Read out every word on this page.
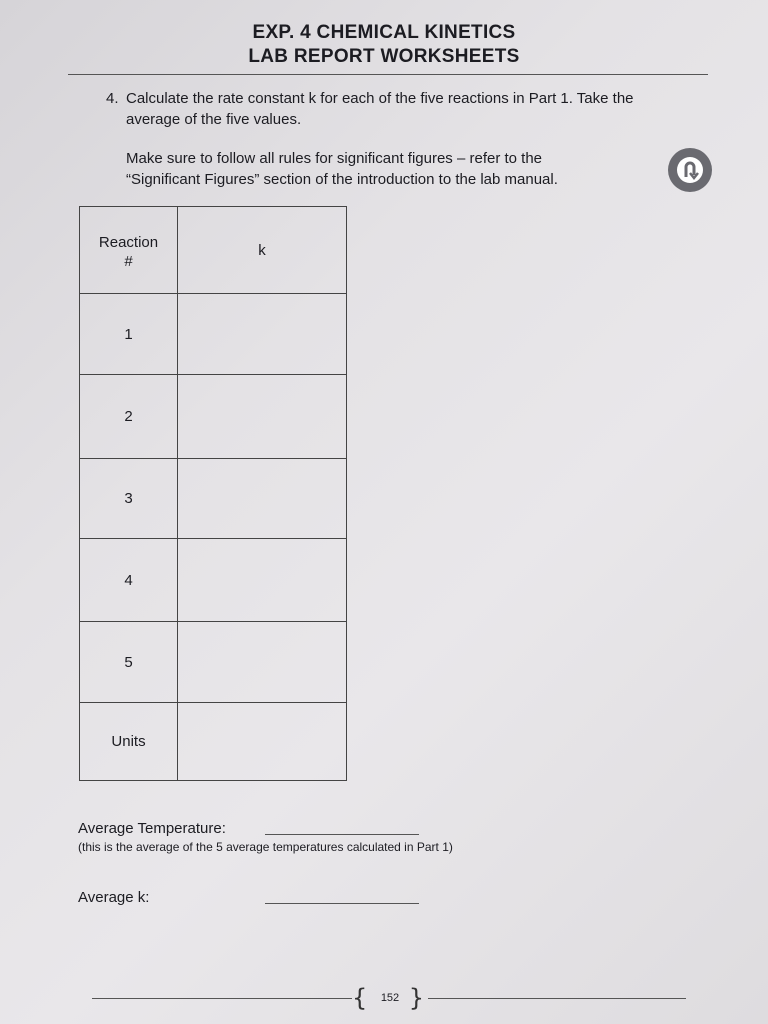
EXP. 4 CHEMICAL KINETICS
LAB REPORT WORKSHEETS
4. Calculate the rate constant k for each of the five reactions in Part 1. Take the
average of the five values.
Make sure to follow all rules for significant figures – refer to the
“Significant Figures” section of the introduction to the lab manual.
Reaction
#	k
1	
2	
3	
4	
5	
Units	
Average Temperature:
(this is the average of the 5 average temperatures calculated in Part 1)
Average k:
{	152 }
